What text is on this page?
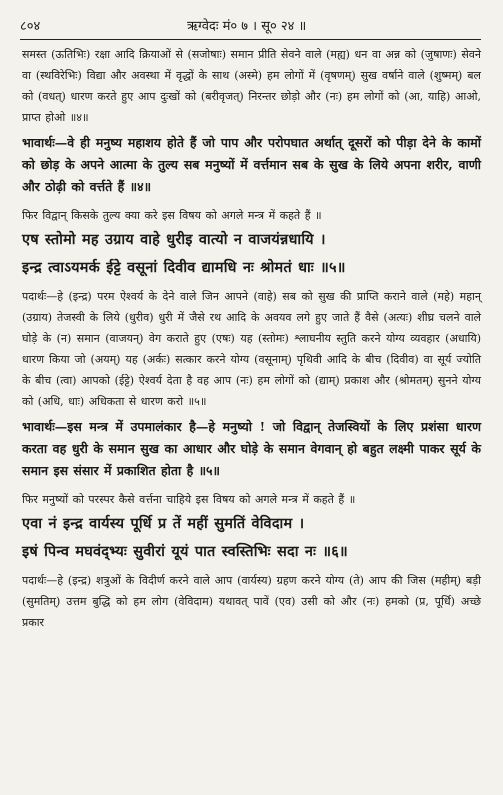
८०४	ऋग्वेदः मं० ७ । सू० २४ ॥

समस्त (ऊतिभिः) रक्षा आदि क्रियाओं से (सजोषाः) समान प्रीति सेवने वाले (मह्य) धन वा अन्न को (जुषाणः) सेवने वा (स्थविरेभिः) विद्या और अवस्था में वृद्धों के साथ (अस्मे) हम लोगों में (वृषणम्) सुख वर्षाने वाले (शुष्मम्) बल को (वधत्) धारण करते हुए आप दुःखों को (बरीवृजत्) निरन्तर छोड़ो और (नः) हम लोगों को (आ, याहि) आओ, प्राप्त होओ ॥४॥

भावार्थः—वे ही मनुष्य महाशय होते हैं जो पाप और परोपघात अर्थात् दूसरों को पीड़ा देने के कामों को छोड़ के अपने आत्मा के तुल्य सब मनुष्यों में वर्त्तमान सब के सुख के लिये अपना शरीर, वाणी और ठोढ़ी को वर्त्तते हैं ॥४॥

फिर विद्वान् किसके तुल्य क्या करे इस विषय को अगले मन्त्र में कहते हैं ॥

एष स्तोमो मह उग्राय वाहे धुरीइ वात्यो न वाजयंन्नधायि ।

इन्द्र त्वाऽयमर्क ईट्टे वसूनां दिवीव द्यामधि नः श्रोमतं धाः ॥५॥

पदार्थः—हे (इन्द्र) परम ऐश्वर्य के देने वाले जिन आपने (वाहे) सब को सुख की प्राप्ति कराने वाले (महे) महान् (उग्राय) तेजस्वी के लिये (धुरीव) धुरी में जैसे रथ आदि के अवयव लगे हुए जाते हैं वैसे (अत्यः) शीघ्र चलने वाले घोड़े के (न) समान (वाजयन्) वेग कराते हुए (एषः) यह (स्तोमः) श्लाघनीय स्तुति करने योग्य व्यवहार (अधायि) धारण किया जो (अयम्) यह (अर्कः) सत्कार करने योग्य (वसूनाम्) पृथिवी आदि के बीच (दिवीव) वा सूर्य ज्योति के बीच (त्वा) आपको (ईट्टे) ऐश्वर्य देता है वह आप (नः) हम लोगों को (द्याम्) प्रकाश और (श्रोमतम्) सुनने योग्य को (अधि, धाः) अधिकता से धारण करो ॥५॥

भावार्थः—इस मन्त्र में उपमालंकार है—हे मनुष्यो ! जो विद्वान् तेजस्वियों के लिए प्रशंसा धारण करता वह धुरी के समान सुख का आधार और घोड़े के समान वेगवान् हो बहुत लक्ष्मी पाकर सूर्य के समान इस संसार में प्रकाशित होता है ॥५॥

फिर मनुष्यों को परस्पर कैसे वर्त्तना चाहिये इस विषय को अगले मन्त्र में कहते हैं ॥

एवा नं इन्द्र वार्यस्य पूर्धि प्र तें महीं सुमतिं वेविदाम ।

इषं पिन्व मघवंद्भ्यः सुवीरां यूयं पात स्वस्तिभिः सदा नः ॥६॥

पदार्थः—हे (इन्द्र) शत्रुओं के विदीर्ण करने वाले आप (वार्यस्य) ग्रहण करने योग्य (ते) आप की जिस (महीम्) बड़ी (सुमतिम्) उत्तम बुद्धि को हम लोग (वेविदाम) यथावत् पावें (एव) उसी को और (नः) हमको (प्र, पूर्धि) अच्छे प्रकार
